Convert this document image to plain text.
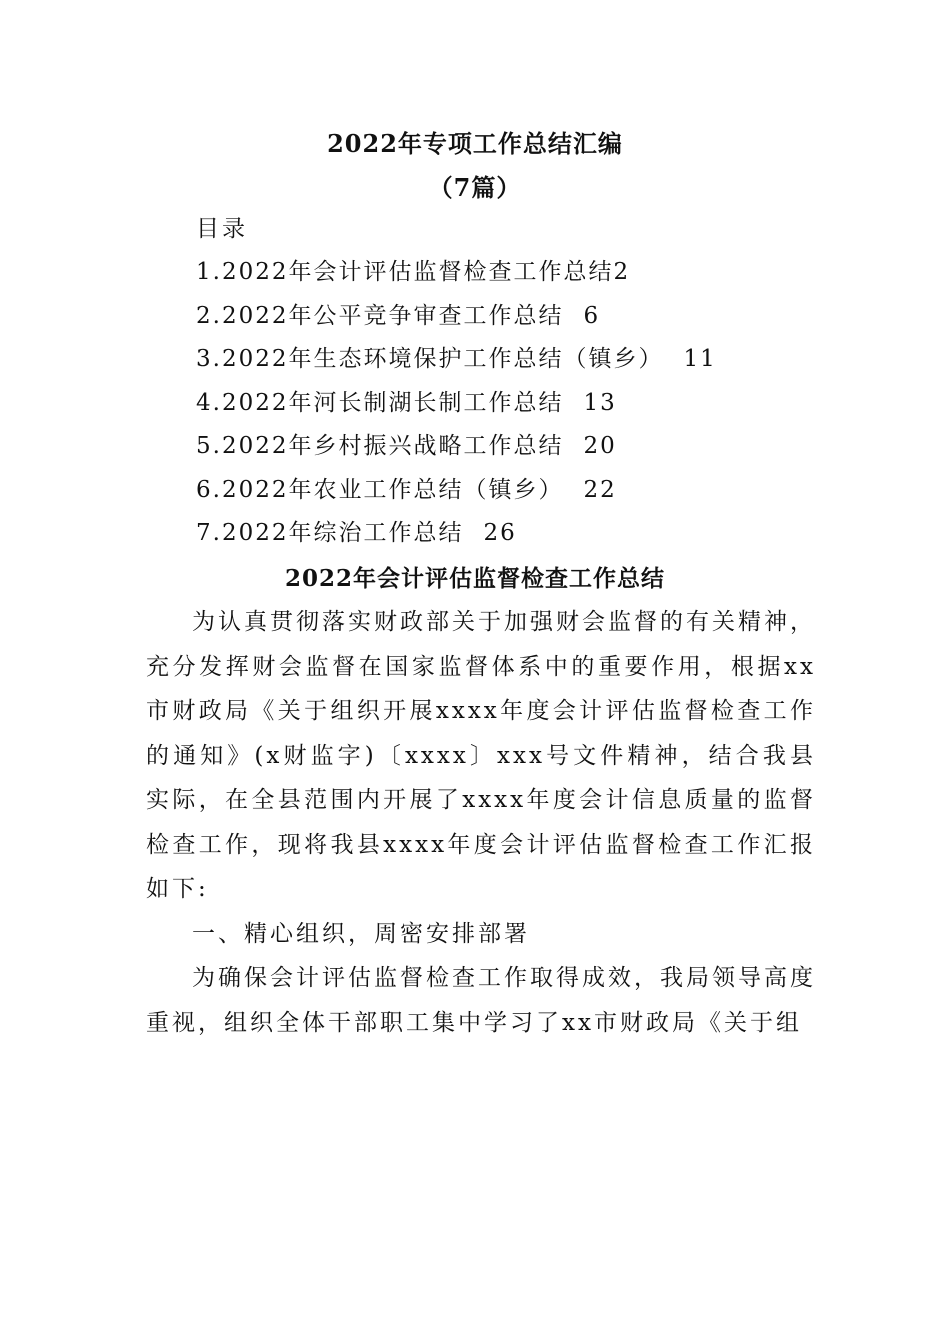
2022年专项工作总结汇编
（7篇）
目录
1.2022年会计评估监督检查工作总结2
2.2022年公平竞争审查工作总结 6
3.2022年生态环境保护工作总结（镇乡） 11
4.2022年河长制湖长制工作总结 13
5.2022年乡村振兴战略工作总结 20
6.2022年农业工作总结（镇乡） 22
7.2022年综治工作总结 26
2022年会计评估监督检查工作总结

为认真贯彻落实财政部关于加强财会监督的有关精神，充分发挥财会监督在国家监督体系中的重要作用，根据xx市财政局《关于组织开展xxxx年度会计评估监督检查工作的通知》(x财监字)〔xxxx〕xxx号文件精神，结合我县实际，在全县范围内开展了xxxx年度会计信息质量的监督检查工作，现将我县xxxx年度会计评估监督检查工作汇报如下:

一、精心组织，周密安排部署

为确保会计评估监督检查工作取得成效，我局领导高度重视，组织全体干部职工集中学习了xx市财政局《关于组
